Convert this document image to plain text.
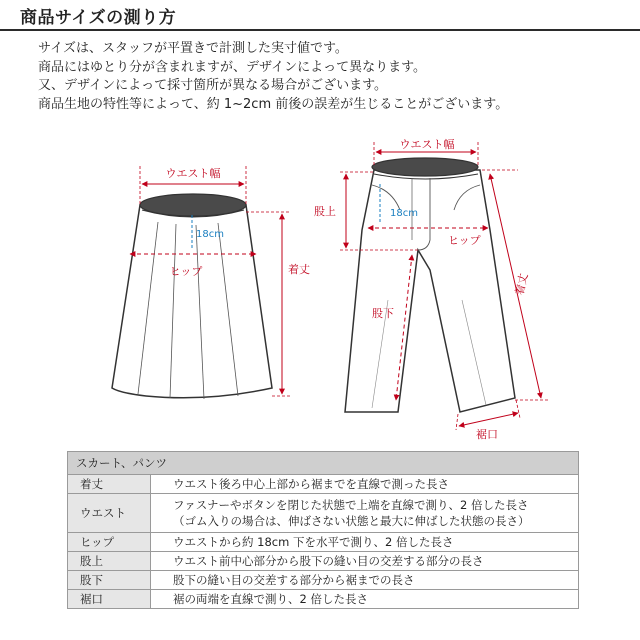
商品サイズの測り方
サイズは、スタッフが平置きで計測した実寸値です。
商品にはゆとり分が含まれますが、デザインによって異なります。
又、デザインによって採寸箇所が異なる場合がございます。
商品生地の特性等によって、約 1~2cm 前後の誤差が生じることがございます。
ウエスト幅
18cm
ヒップ	着丈
ウエスト幅
股上	18cm
ヒップ
股下
着丈
裾口
スカート、パンツ	
着丈	ウエスト後ろ中心上部から裾までを直線で測った長さ
ウエスト	ファスナーやボタンを閉じた状態で上端を直線で測り、2 倍した長さ
（ゴム入りの場合は、伸ばさない状態と最大に伸ばした状態の長さ）

ヒップ	ウエストから約 18cm 下を水平で測り、2 倍した長さ
股上	ウエスト前中心部分から股下の縫い目の交差する部分の長さ
股下	股下の縫い目の交差する部分から裾までの長さ
裾口	裾の両端を直線で測り、2 倍した長さ
